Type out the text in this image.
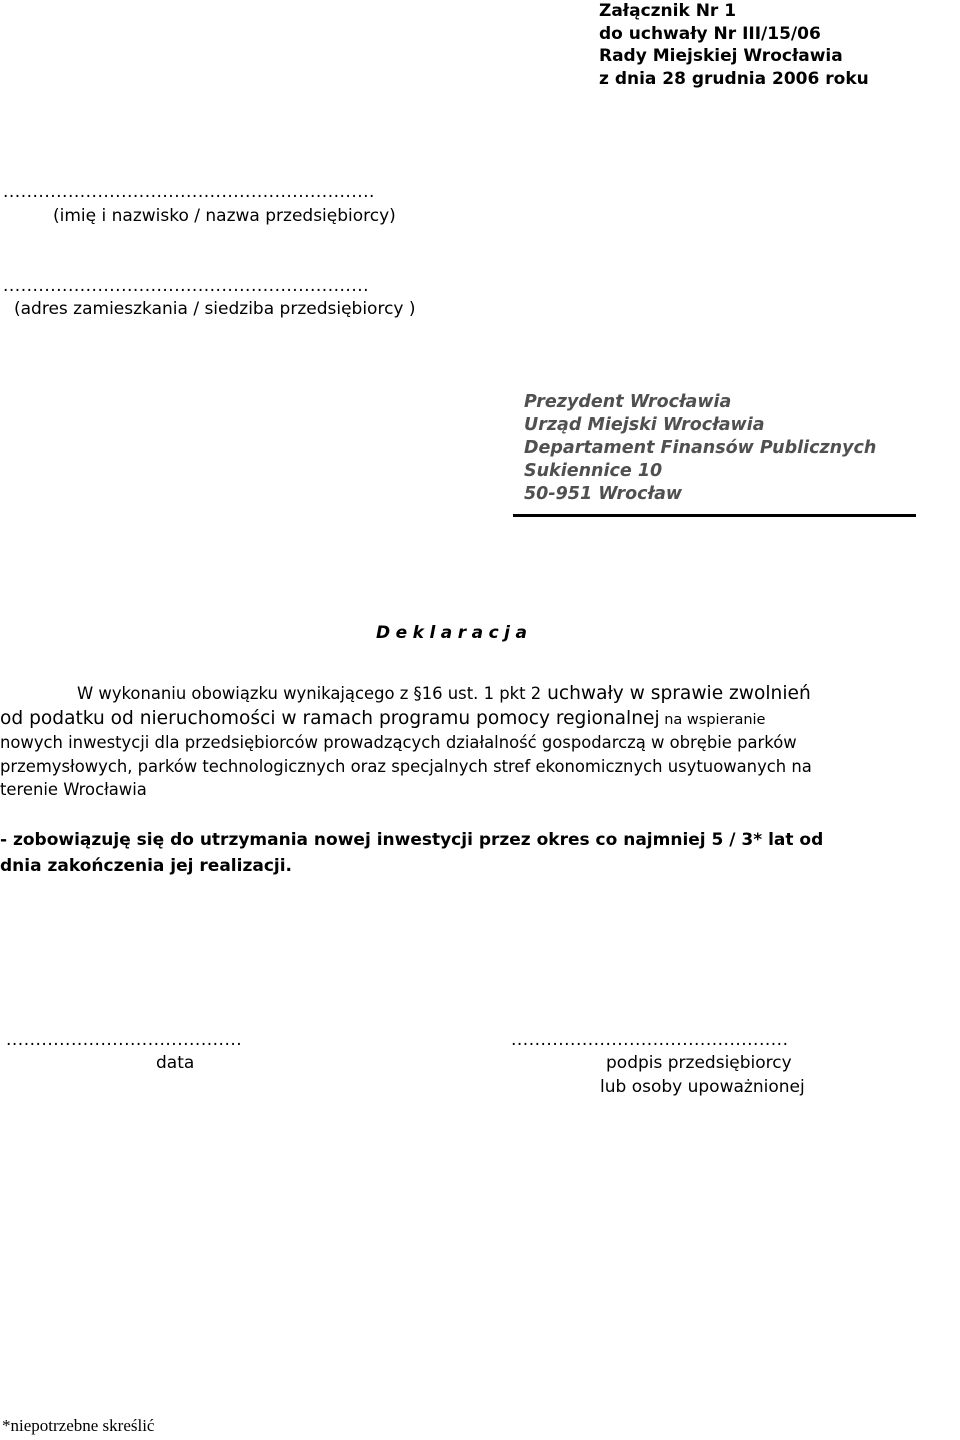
Załącznik Nr 1
do uchwały Nr III/15/06
Rady Miejskiej Wrocławia
z dnia 28 grudnia 2006 roku
...............................................................
(imię i nazwisko / nazwa przedsiębiorcy)
..............................................................
(adres zamieszkania / siedziba przedsiębiorcy )
Prezydent Wrocławia
Urząd Miejski Wrocławia
Departament Finansów Publicznych
Sukiennice 10
50-951 Wrocław
Deklaracja
W wykonaniu obowiązku wynikającego z §16 ust. 1 pkt 2 uchwały w sprawie zwolnień
od podatku od nieruchomości w ramach programu pomocy regionalnej na wspieranie
nowych inwestycji dla przedsiębiorców prowadzących działalność gospodarczą w obrębie parków
przemysłowych, parków technologicznych oraz specjalnych stref ekonomicznych usytuowanych na
terenie Wrocławia
- zobowiązuję się do utrzymania nowej inwestycji przez okres co najmniej 5 / 3* lat od
dnia zakończenia jej realizacji.
........................................
data
...............................................
podpis przedsiębiorcy
lub osoby upoważnionej
*niepotrzebne skreślić
